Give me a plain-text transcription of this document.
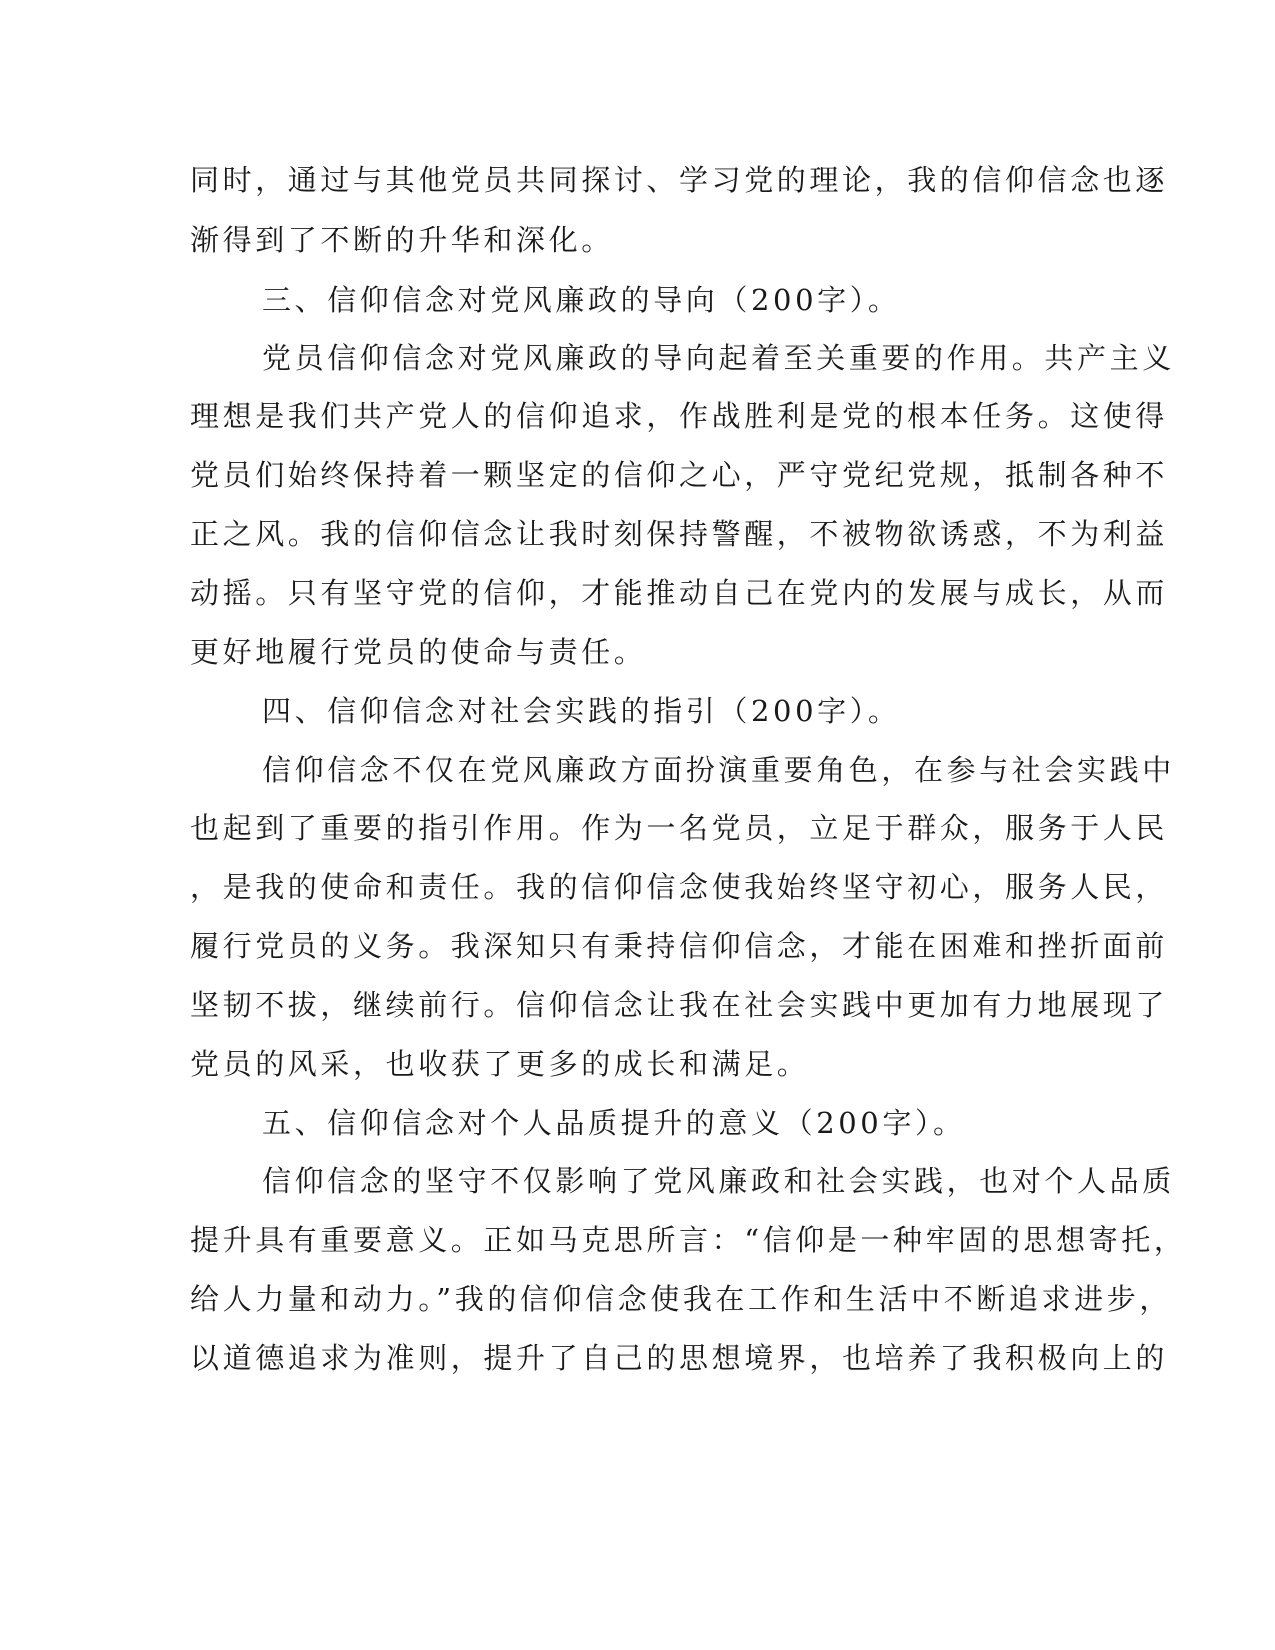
同时，通过与其他党员共同探讨、学习党的理论，我的信仰信念也逐
渐得到了不断的升华和深化。
三、信仰信念对党风廉政的导向（200字）。
党员信仰信念对党风廉政的导向起着至关重要的作用。共产主义
理想是我们共产党人的信仰追求，作战胜利是党的根本任务。这使得
党员们始终保持着一颗坚定的信仰之心，严守党纪党规，抵制各种不
正之风。我的信仰信念让我时刻保持警醒，不被物欲诱惑，不为利益
动摇。只有坚守党的信仰，才能推动自己在党内的发展与成长，从而
更好地履行党员的使命与责任。
四、信仰信念对社会实践的指引（200字）。
信仰信念不仅在党风廉政方面扮演重要角色，在参与社会实践中
也起到了重要的指引作用。作为一名党员，立足于群众，服务于人民
，是我的使命和责任。我的信仰信念使我始终坚守初心，服务人民，
履行党员的义务。我深知只有秉持信仰信念，才能在困难和挫折面前
坚韧不拔，继续前行。信仰信念让我在社会实践中更加有力地展现了
党员的风采，也收获了更多的成长和满足。
五、信仰信念对个人品质提升的意义（200字）。
信仰信念的坚守不仅影响了党风廉政和社会实践，也对个人品质
提升具有重要意义。正如马克思所言：“信仰是一种牢固的思想寄托，
给人力量和动力。”我的信仰信念使我在工作和生活中不断追求进步，
以道德追求为准则，提升了自己的思想境界，也培养了我积极向上的
